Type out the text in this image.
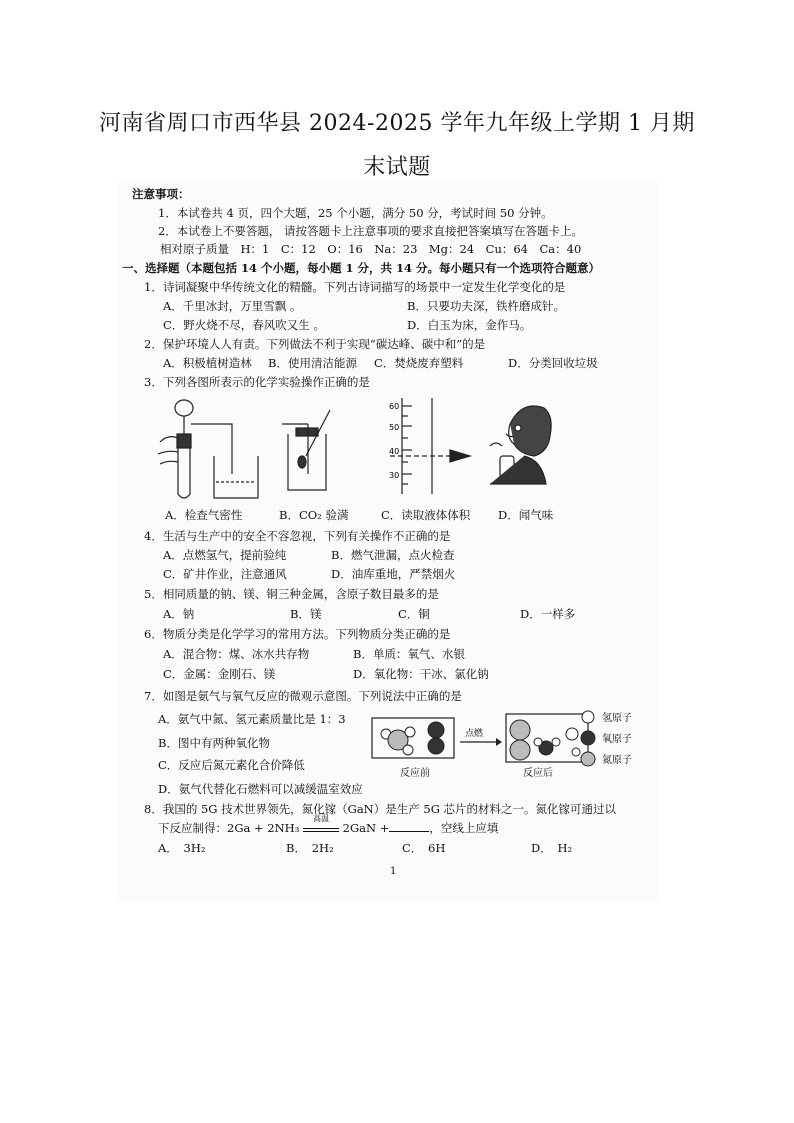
河南省周口市西华县 2024-2025 学年九年级上学期 1 月期
末试题
注意事项：
1．本试卷共 4 页，四个大题，25 个小题，满分 50 分，考试时间 50 分钟。
2．本试卷上不要答题， 请按答题卡上注意事项的要求直接把答案填写在答题卡上。
相对原子质量　H：1　C：12　O：16　Na：23　Mg：24　Cu：64　Ca：40
一、选择题（本题包括 14 个小题，每小题 1 分，共 14 分。每小题只有一个选项符合题意）
1．诗词凝聚中华传统文化的精髓。下列古诗词描写的场景中一定发生化学变化的是
A．千里冰封，万里雪飘 。	B．只要功夫深，铁杵磨成针。
C．野火烧不尽，春风吹又生 。	D．白玉为床，金作马。
2．保护环境人人有责。下列做法不利于实现“碳达峰、碳中和”的是
A．积极植树造林 B．使用清洁能源 C．焚烧废弃塑料	D．分类回收垃圾
3．下列各图所表示的化学实验操作正确的是
60
50
40
30
A．检查气密性	B．CO₂ 验满	C．读取液体体积 D．闻气味
4．生活与生产中的安全不容忽视，下列有关操作不正确的是
A．点燃氢气，提前验纯	B．燃气泄漏，点火检查
C．矿井作业，注意通风	D．油库重地，严禁烟火
5．相同质量的钠、镁、铜三种金属，含原子数目最多的是
A．钠	B．镁	C．铜	D．一样多
6．物质分类是化学学习的常用方法。下列物质分类正确的是
A．混合物：煤、冰水共存物	B．单质：氧气、水银
C．金属：金刚石、镁	D．氧化物：干冰、氯化钠
7．如图是氨气与氧气反应的微观示意图。下列说法中正确的是
A．氨气中氮、氢元素质量比是 1：3
B．图中有两种氧化物
C．反应后氮元素化合价降低
D．氨气代替化石燃料可以减缓温室效应
点燃
氢原子
氧原子
氮原子
反应前	反应后
8．我国的 5G 技术世界领先，氮化镓（GaN）是生产 5G 芯片的材料之一。氮化镓可通过以
下反应制得：2Ga + 2NH₃
高温
2GaN +	，空线上应填
A．　3H₂	B．　2H₂	C．　6H	D．　H₂
1
